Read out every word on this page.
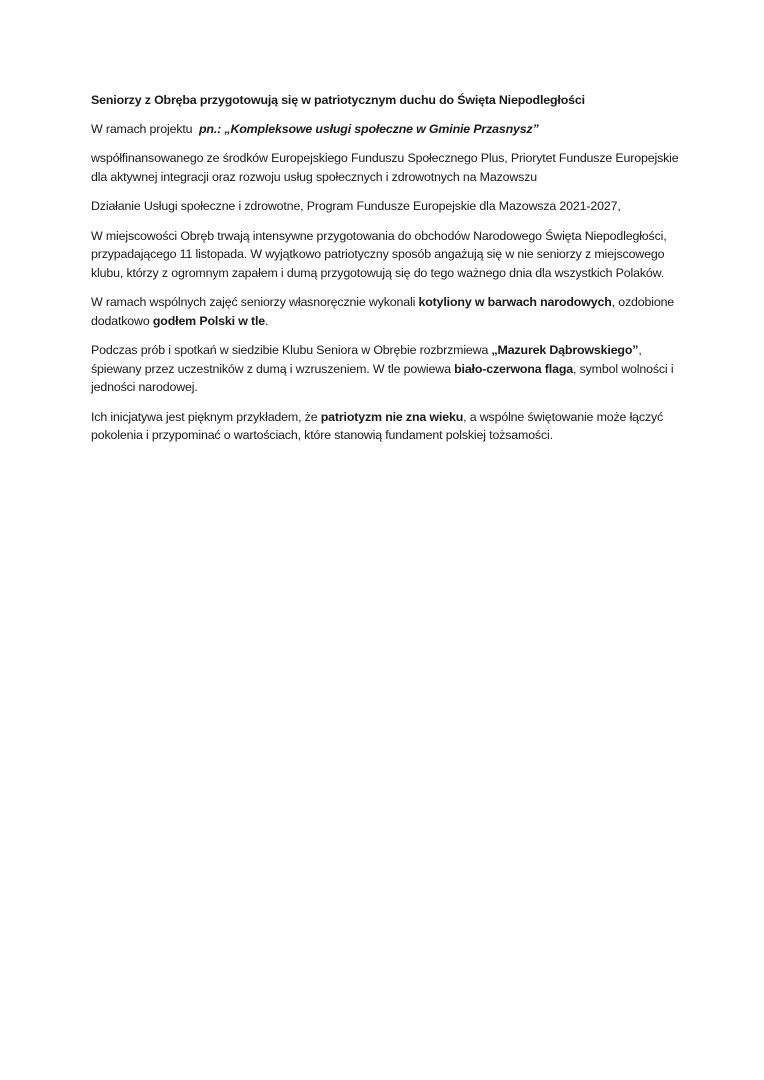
Seniorzy z Obręba przygotowują się w patriotycznym duchu do Święta Niepodległości

W ramach projektu  pn.: „Kompleksowe usługi społeczne w Gminie Przasnysz”

współfinansowanego ze środków Europejskiego Funduszu Społecznego Plus, Priorytet Fundusze Europejskie dla aktywnej integracji oraz rozwoju usług społecznych i zdrowotnych na Mazowszu

Działanie Usługi społeczne i zdrowotne, Program Fundusze Europejskie dla Mazowsza 2021-2027,

W miejscowości Obręb trwają intensywne przygotowania do obchodów Narodowego Święta Niepodległości, przypadającego 11 listopada. W wyjątkowo patriotyczny sposób angażują się w nie seniorzy z miejscowego klubu, którzy z ogromnym zapałem i dumą przygotowują się do tego ważnego dnia dla wszystkich Polaków.

W ramach wspólnych zajęć seniorzy własnoręcznie wykonali kotyliony w barwach narodowych, ozdobione dodatkowo godłem Polski w tle.

Podczas prób i spotkań w siedzibie Klubu Seniora w Obrębie rozbrzmiewa „Mazurek Dąbrowskiego”, śpiewany przez uczestników z dumą i wzruszeniem. W tle powiewa biało-czerwona flaga, symbol wolności i jedności narodowej.

Ich inicjatywa jest pięknym przykładem, że patriotyzm nie zna wieku, a wspólne świętowanie może łączyć pokolenia i przypominać o wartościach, które stanowią fundament polskiej tożsamości.
